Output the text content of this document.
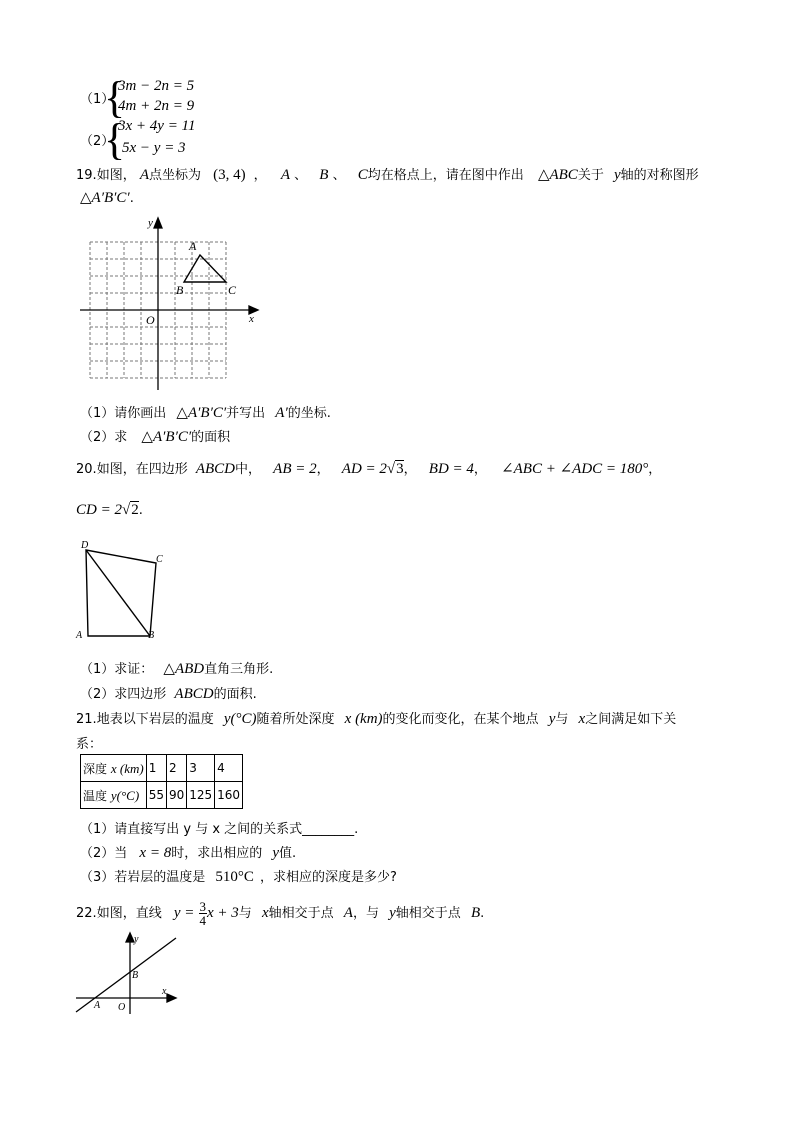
（1）
{
3m − 2n = 5
4m + 2n = 9
（2）
{
3x + 4y = 11
5x − y = 3
19.如图， A点坐标为 (3, 4) ， A 、 B 、 C均在格点上，请在图中作出 △ABC关于 y轴的对称图形
△A′B′C′.
A
B	C
O	x
y
（1）请你画出 △A′B′C′并写出 A′的坐标.
（2）求 △A′B′C′的面积
20.如图，在四边形 ABCD中， AB = 2， AD = 2√3， BD = 4， ∠ABC + ∠ADC = 180°，
CD = 2√2.
D
C
A	B
（1）求证： △ABD直角三角形.
（2）求四边形 ABCD的面积.
21.地表以下岩层的温度 y(°C)随着所处深度 x (km)的变化而变化，在某个地点 y与 x之间满足如下关
系：
深度 x (km)	1	2	3	4
温度 y(°C)	55	90	125	160
（1）请直接写出 y 与 x 之间的关系式________.
（2）当 x = 8时，求出相应的 y值.
（3）若岩层的温度是 510°C ，求相应的深度是多少?
22.如图，直线 $y = \frac{3}{4}$ x + 3与 x轴相交于点 A，与 y轴相交于点 B.
y
x
B
A O
